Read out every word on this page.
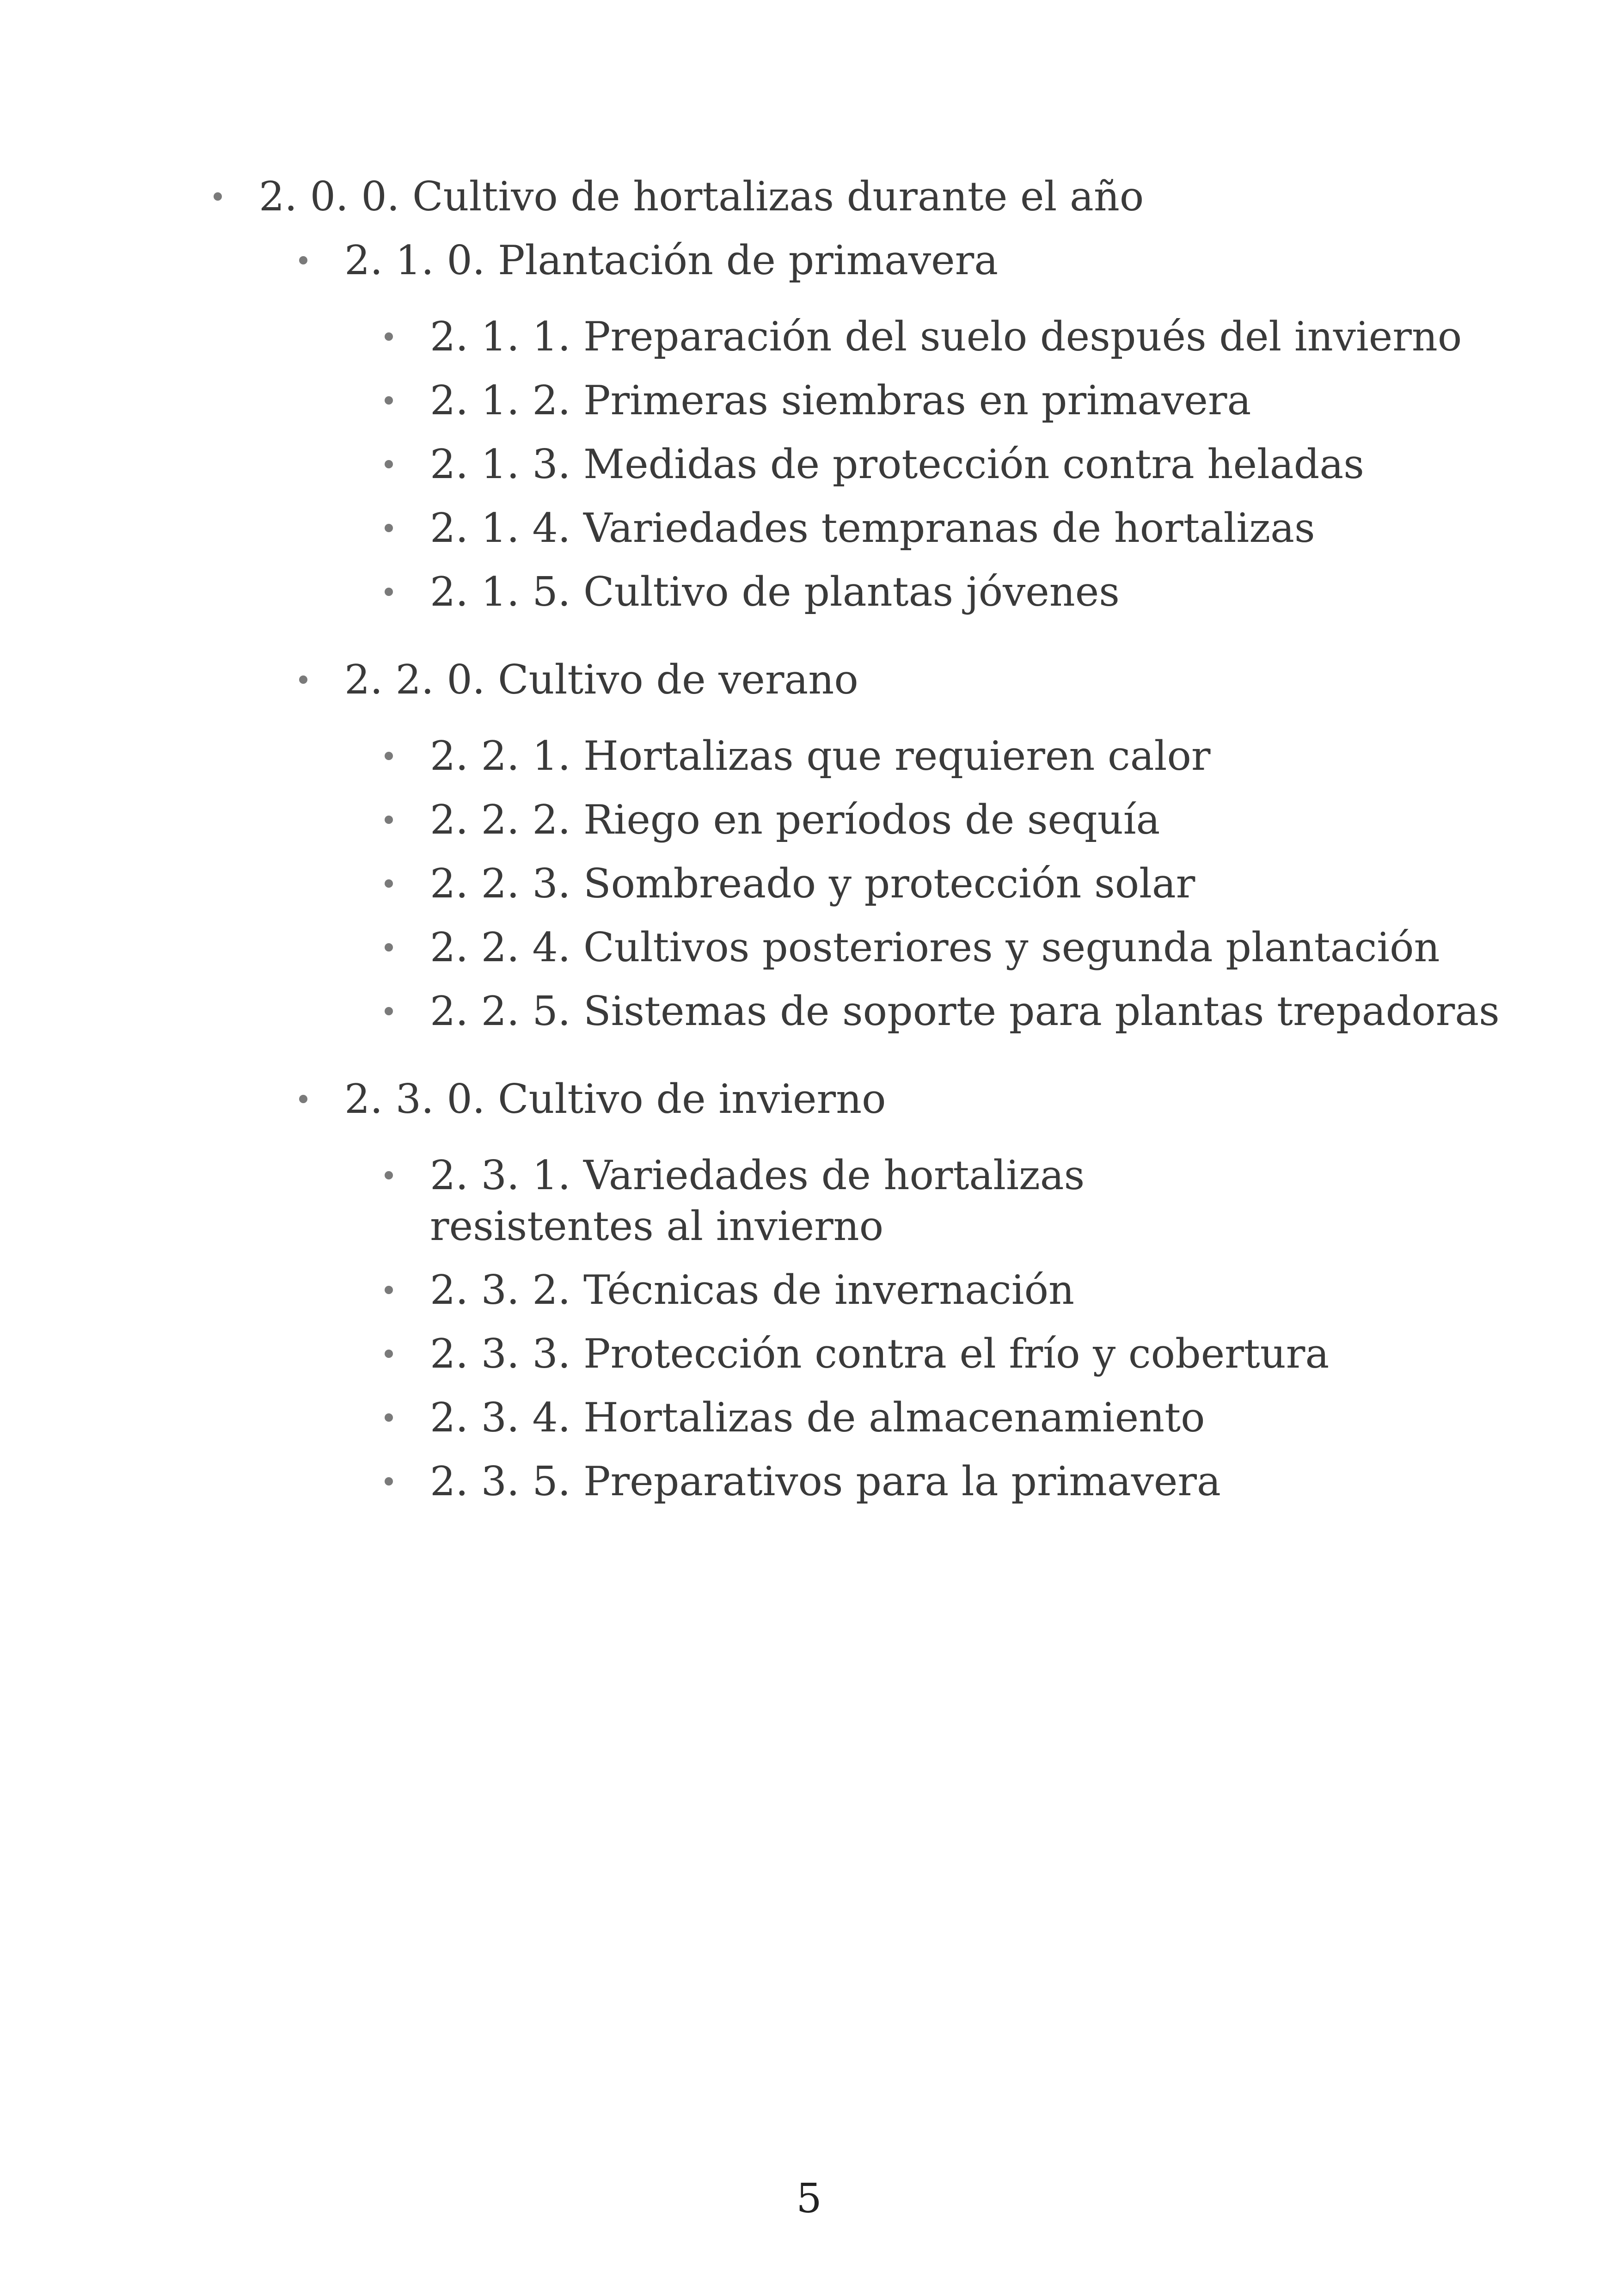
2. 0. 0. Cultivo de hortalizas durante el año
2. 1. 0. Plantación de primavera
2. 1. 1. Preparación del suelo después del invierno
2. 1. 2. Primeras siembras en primavera
2. 1. 3. Medidas de protección contra heladas
2. 1. 4. Variedades tempranas de hortalizas
2. 1. 5. Cultivo de plantas jóvenes
2. 2. 0. Cultivo de verano
2. 2. 1. Hortalizas que requieren calor
2. 2. 2. Riego en períodos de sequía
2. 2. 3. Sombreado y protección solar
2. 2. 4. Cultivos posteriores y segunda plantación
2. 2. 5. Sistemas de soporte para plantas trepadoras
2. 3. 0. Cultivo de invierno
2. 3. 1. Variedades de hortalizas resistentes al invierno
2. 3. 2. Técnicas de invernación
2. 3. 3. Protección contra el frío y cobertura
2. 3. 4. Hortalizas de almacenamiento
2. 3. 5. Preparativos para la primavera
5
